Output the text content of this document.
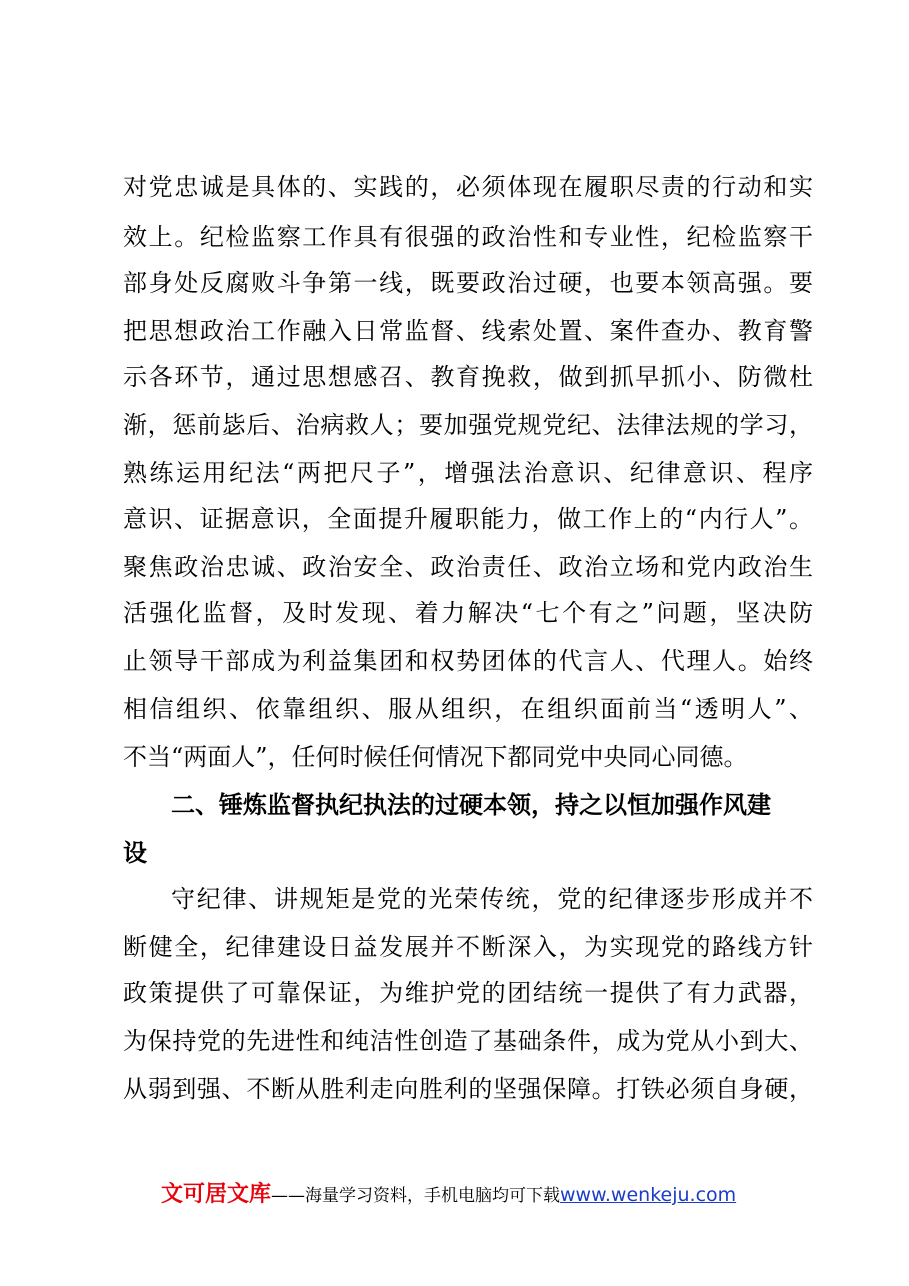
对党忠诚是具体的、实践的，必须体现在履职尽责的行动和实
效上。纪检监察工作具有很强的政治性和专业性，纪检监察干
部身处反腐败斗争第一线，既要政治过硬，也要本领高强。要
把思想政治工作融入日常监督、线索处置、案件查办、教育警
示各环节，通过思想感召、教育挽救，做到抓早抓小、防微杜
渐，惩前毖后、治病救人；要加强党规党纪、法律法规的学习，
熟练运用纪法“两把尺子”，增强法治意识、纪律意识、程序
意识、证据意识，全面提升履职能力，做工作上的“内行人”。
聚焦政治忠诚、政治安全、政治责任、政治立场和党内政治生
活强化监督，及时发现、着力解决“七个有之”问题，坚决防
止领导干部成为利益集团和权势团体的代言人、代理人。始终
相信组织、依靠组织、服从组织，在组织面前当“透明人”、
不当“两面人”，任何时候任何情况下都同党中央同心同德。
二、锤炼监督执纪执法的过硬本领，持之以恒加强作风建
设
守纪律、讲规矩是党的光荣传统，党的纪律逐步形成并不
断健全，纪律建设日益发展并不断深入，为实现党的路线方针
政策提供了可靠保证，为维护党的团结统一提供了有力武器，
为保持党的先进性和纯洁性创造了基础条件，成为党从小到大、
从弱到强、不断从胜利走向胜利的坚强保障。打铁必须自身硬，
文可居文库——海量学习资料，手机电脑均可下载www.wenkeju.com
